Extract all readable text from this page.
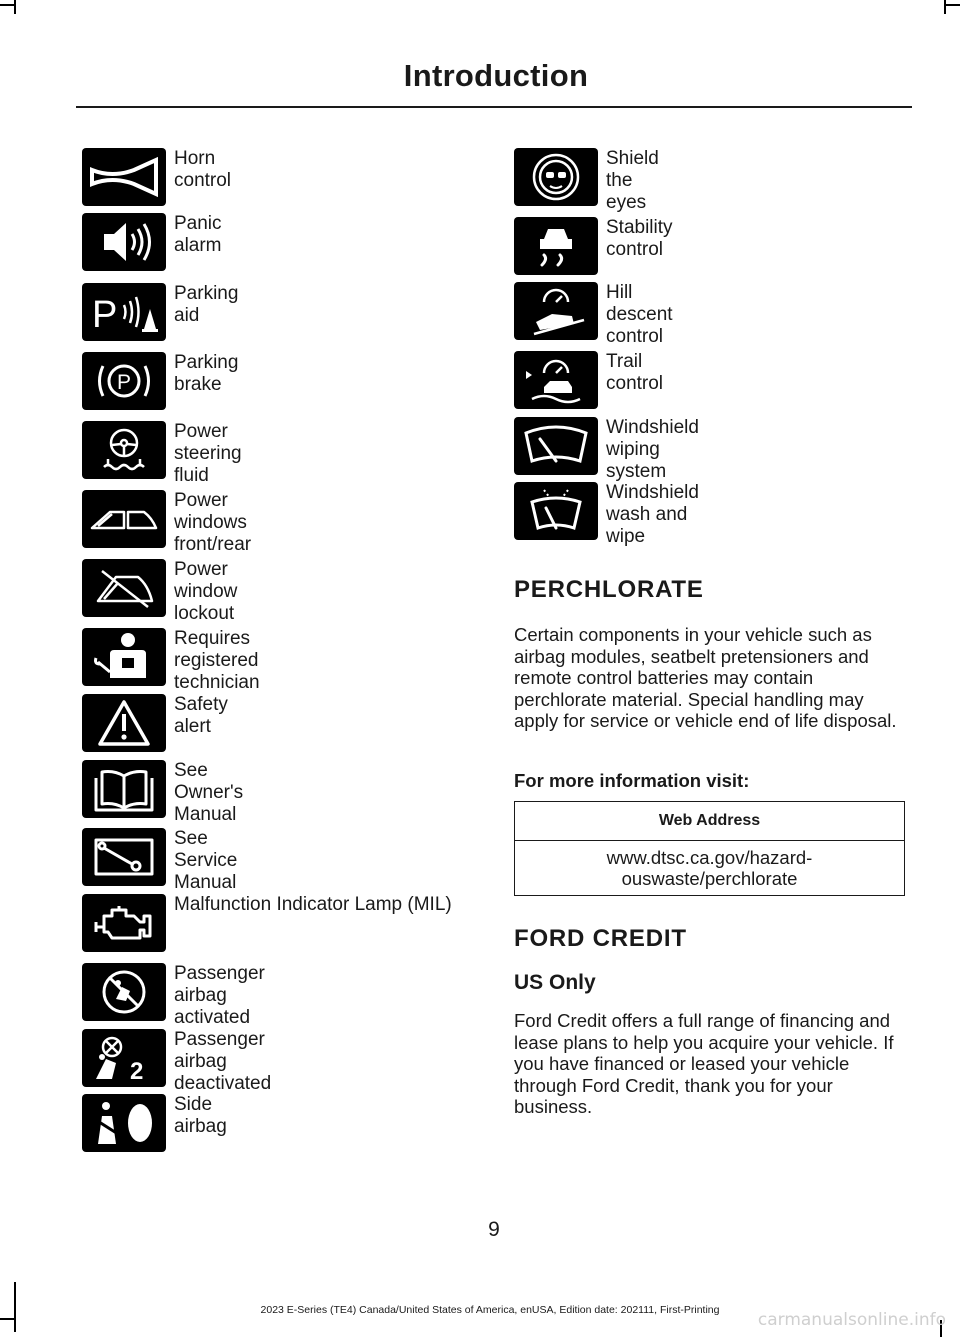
Introduction
Horn control
Panic alarm
P
Parking aid
P
Parking brake
Power steering fluid
Power windows front/rear
Power window lockout
Requires registered technician
Safety alert
See Owner's Manual
See Service Manual
Malfunction Indicator Lamp (MIL)
Passenger airbag activated
2
Passenger airbag deactivated
Side airbag
Shield the eyes
Stability control
Hill descent control
Trail control
Windshield wiping system
Windshield wash and wipe
PERCHLORATE
Certain components in your vehicle such as airbag modules, seatbelt pretensioners and remote control batteries may contain perchlorate material. Special handling may apply for service or vehicle end of life disposal.
For more information visit:
Web Address
www.dtsc.ca.gov/hazard-ouswaste/perchlorate
FORD CREDIT
US Only
Ford Credit offers a full range of financing and lease plans to help you acquire your vehicle. If you have financed or leased your vehicle through Ford Credit, thank you for your business.
9
2023 E-Series (TE4) Canada/United States of America, enUSA, Edition date: 202111, First-Printing	carmanualsonline.info
